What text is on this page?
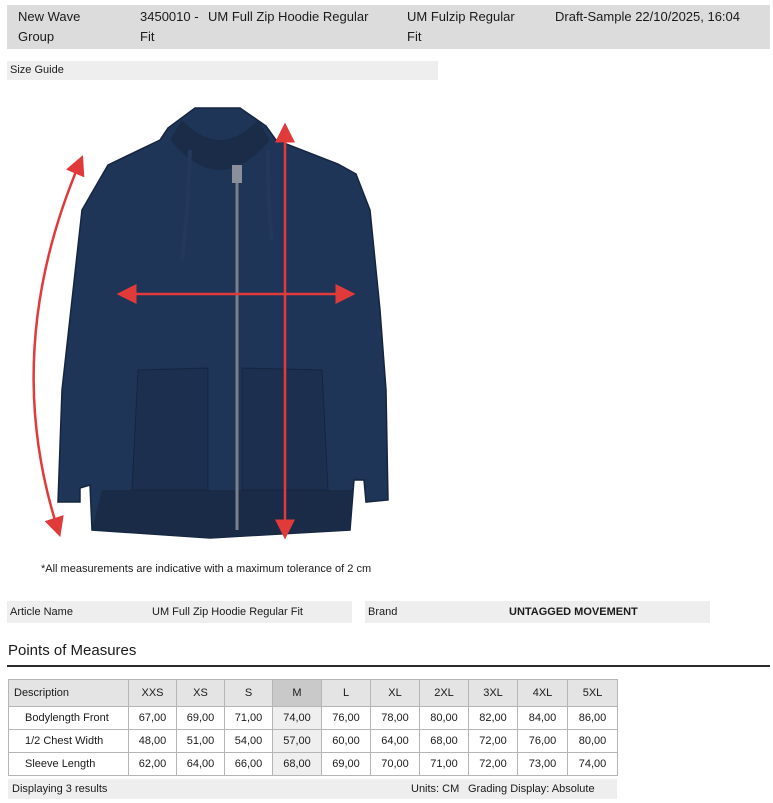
New Wave
Group
3450010 - UM Full Zip Hoodie Regular
Fit
UM Fulzip Regular
Fit
Draft-Sample 22/10/2025, 16:04
Size Guide
*All measurements are indicative with a maximum tolerance of 2 cm
Article Name	UM Full Zip Hoodie Regular Fit	Brand	UNTAGGED MOVEMENT
Points of Measures
Description	XXS	XS	S	M	L	XL	2XL	3XL	4XL	5XL
Bodylength Front	67,00	69,00	71,00	74,00	76,00	78,00	80,00	82,00	84,00	86,00
1/2 Chest Width	48,00	51,00	54,00	57,00	60,00	64,00	68,00	72,00	76,00	80,00
Sleeve Length	62,00	64,00	66,00	68,00	69,00	70,00	71,00	72,00	73,00	74,00
Displaying 3 results	Units: CM Grading Display: Absolute
